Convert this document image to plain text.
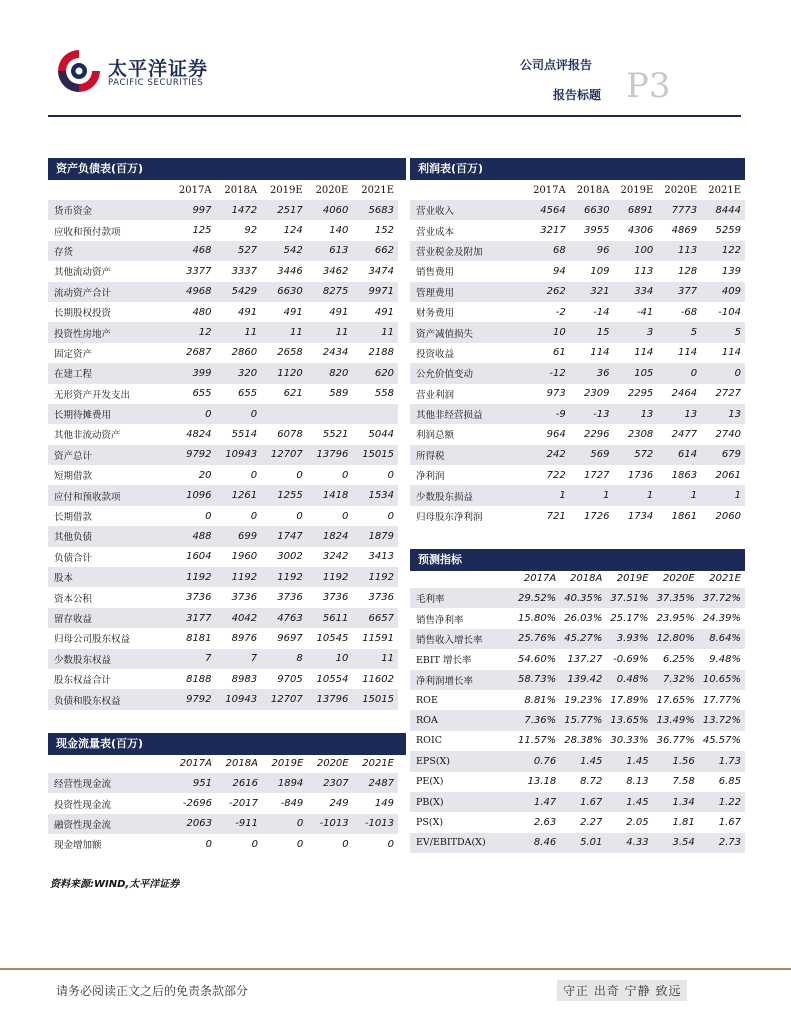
太平洋证券
PACIFIC SECURITIES
公司点评报告
报告标题 P3
资产负债表(百万)
	2017A	2018A	2019E	2020E	2021E
货币资金	997	1472	2517	4060	5683
应收和预付款项	125	92	124	140	152
存货	468	527	542	613	662
其他流动资产	3377	3337	3446	3462	3474
流动资产合计	4968	5429	6630	8275	9971
长期股权投资	480	491	491	491	491
投资性房地产	12	11	11	11	11
固定资产	2687	2860	2658	2434	2188
在建工程	399	320	1120	820	620
无形资产开发支出	655	655	621	589	558
长期待摊费用	0	0			
其他非流动资产	4824	5514	6078	5521	5044
资产总计	9792	10943	12707	13796	15015
短期借款	20	0	0	0	0
应付和预收款项	1096	1261	1255	1418	1534
长期借款	0	0	0	0	0
其他负债	488	699	1747	1824	1879
负债合计	1604	1960	3002	3242	3413
股本	1192	1192	1192	1192	1192
资本公积	3736	3736	3736	3736	3736
留存收益	3177	4042	4763	5611	6657
归母公司股东权益	8181	8976	9697	10545	11591
少数股东权益	7	7	8	10	11
股东权益合计	8188	8983	9705	10554	11602
负债和股东权益	9792	10943	12707	13796	15015
利润表(百万)
	2017A	2018A	2019E	2020E	2021E
营业收入	4564	6630	6891	7773	8444
营业成本	3217	3955	4306	4869	5259
营业税金及附加	68	96	100	113	122
销售费用	94	109	113	128	139
管理费用	262	321	334	377	409
财务费用	-2	-14	-41	-68	-104
资产减值损失	10	15	3	5	5
投资收益	61	114	114	114	114
公允价值变动	-12	36	105	0	0
营业利润	973	2309	2295	2464	2727
其他非经营损益	-9	-13	13	13	13
利润总额	964	2296	2308	2477	2740
所得税	242	569	572	614	679
净利润	722	1727	1736	1863	2061
少数股东损益	1	1	1	1	1
归母股东净利润	721	1726	1734	1861	2060
预测指标
	2017A	2018A	2019E	2020E	2021E
毛利率	29.52%	40.35%	37.51%	37.35%	37.72%
销售净利率	15.80%	26.03%	25.17%	23.95%	24.39%
销售收入增长率	25.76%	45.27%	3.93%	12.80%	8.64%
EBIT 增长率	54.60%	137.27	-0.69%	6.25%	9.48%
净利润增长率	58.73%	139.42	0.48%	7.32%	10.65%
ROE	8.81%	19.23%	17.89%	17.65%	17.77%
ROA	7.36%	15.77%	13.65%	13.49%	13.72%
ROIC	11.57%	28.38%	30.33%	36.77%	45.57%
EPS(X)	0.76	1.45	1.45	1.56	1.73
PE(X)	13.18	8.72	8.13	7.58	6.85
PB(X)	1.47	1.67	1.45	1.34	1.22
PS(X)	2.63	2.27	2.05	1.81	1.67
EV/EBITDA(X)	8.46	5.01	4.33	3.54	2.73
现金流量表(百万)
	2017A	2018A	2019E	2020E	2021E
经营性现金流	951	2616	1894	2307	2487
投资性现金流	-2696	-2017	-849	249	149
融资性现金流	2063	-911	0	-1013	-1013
现金增加额	0	0	0	0	0
资料来源:WIND,太平洋证券
请务必阅读正文之后的免责条款部分	守正 出奇 宁静 致远
